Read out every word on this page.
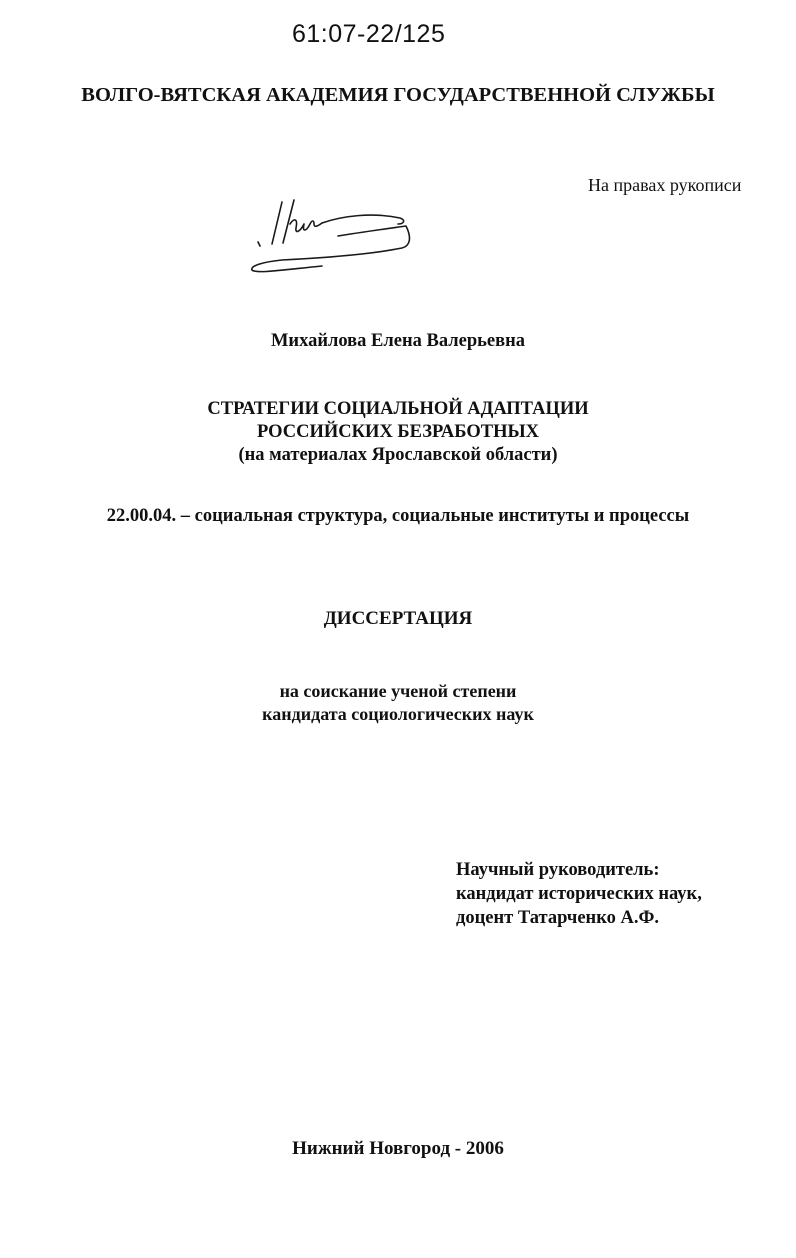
61:07-22/125
ВОЛГО-ВЯТСКАЯ АКАДЕМИЯ ГОСУДАРСТВЕННОЙ СЛУЖБЫ
На правах рукописи
Михайлова Елена Валерьевна
СТРАТЕГИИ СОЦИАЛЬНОЙ АДАПТАЦИИ
РОССИЙСКИХ БЕЗРАБОТНЫХ
(на материалах Ярославской области)
22.00.04. – социальная структура, социальные институты и процессы
ДИССЕРТАЦИЯ
на соискание ученой степени
кандидата социологических наук
Научный руководитель:
кандидат исторических наук,
доцент Татарченко А.Ф.
Нижний Новгород - 2006
